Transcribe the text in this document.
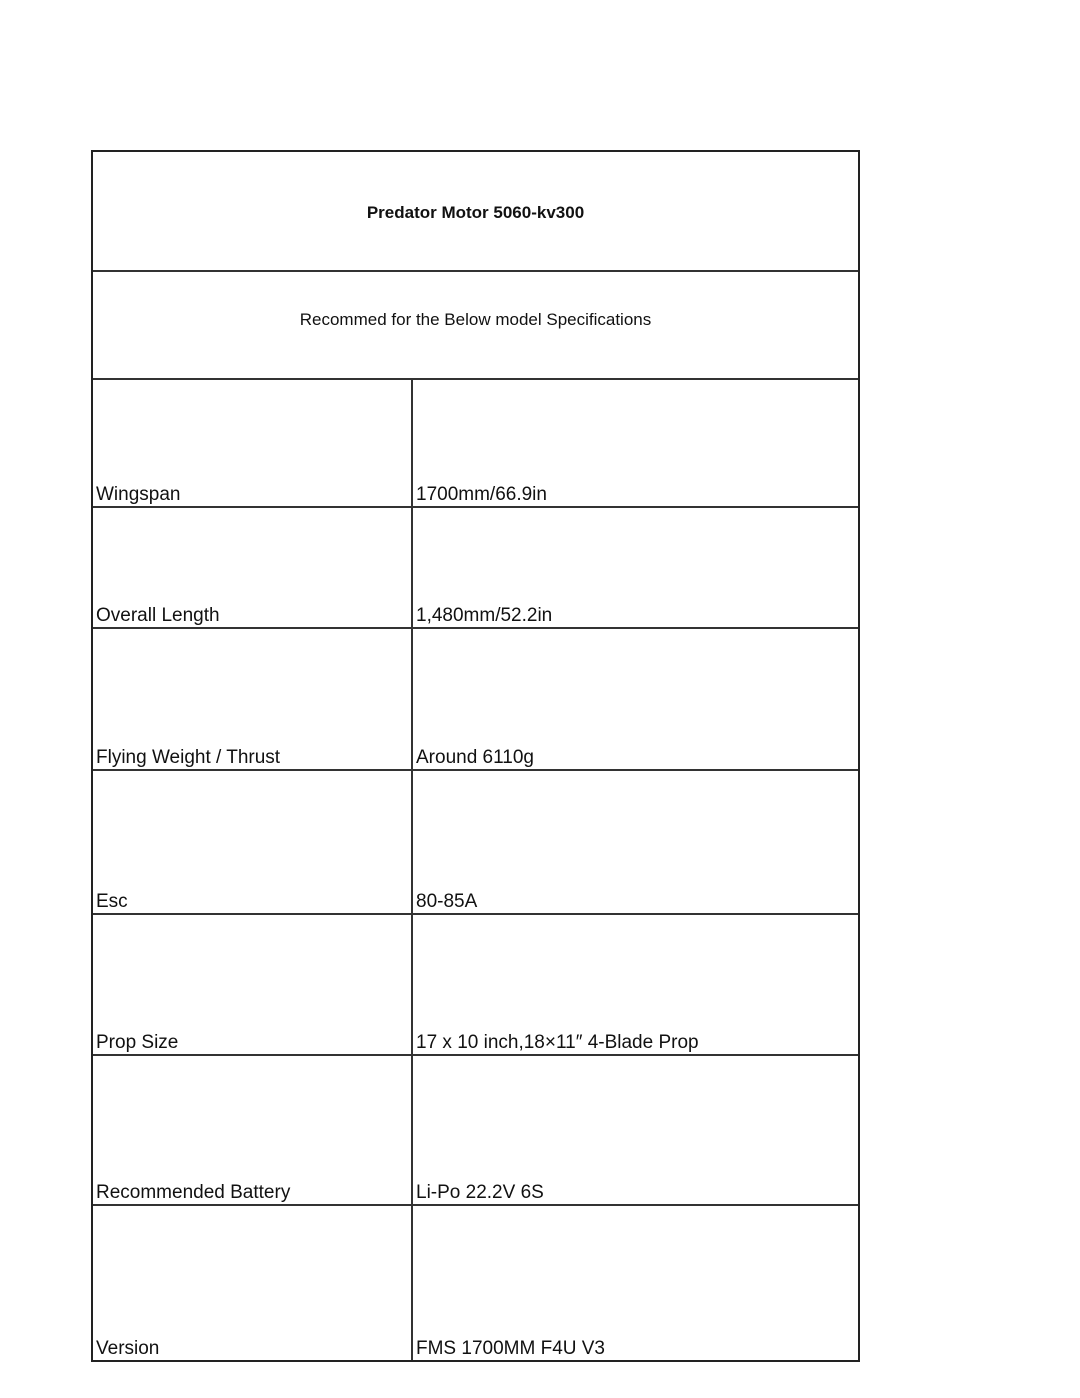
Predator Motor 5060-kv300
Recommed for the Below model Specifications
Wingspan	1700mm/66.9in
Overall Length	1,480mm/52.2in
Flying Weight / Thrust	Around 6110g
Esc	80-85A
Prop Size	17 x 10 inch,18×11″ 4-Blade Prop
Recommended Battery	Li-Po 22.2V 6S
Version	FMS 1700MM F4U V3
